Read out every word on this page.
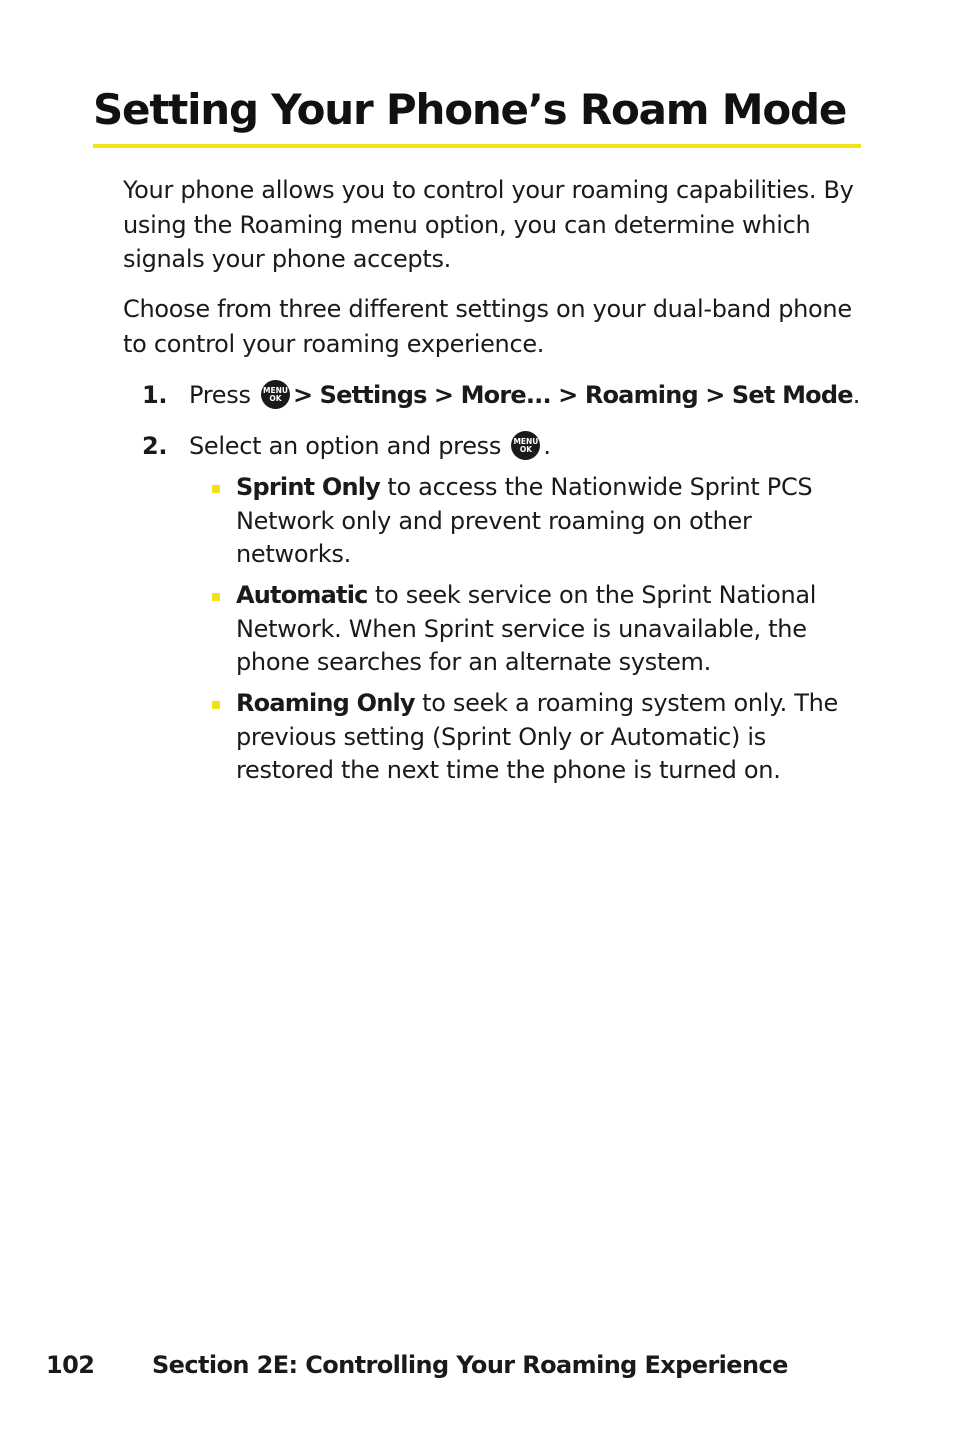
Setting Your Phone’s Roam Mode

Your phone allows you to control your roaming capabilities. By using the Roaming menu option, you can determine which signals your phone accepts.

Choose from three different settings on your dual-band phone to control your roaming experience.

1. Press MENU
OK > Settings > More... > Roaming > Set Mode.
2. Select an option and press MENU
OK .
Sprint Only to access the Nationwide Sprint PCS Network only and prevent roaming on other networks.
Automatic to seek service on the Sprint National Network. When Sprint service is unavailable, the phone searches for an alternate system.
Roaming Only to seek a roaming system only. The previous setting (Sprint Only or Automatic) is restored the next time the phone is turned on.
102 Section 2E: Controlling Your Roaming Experience
